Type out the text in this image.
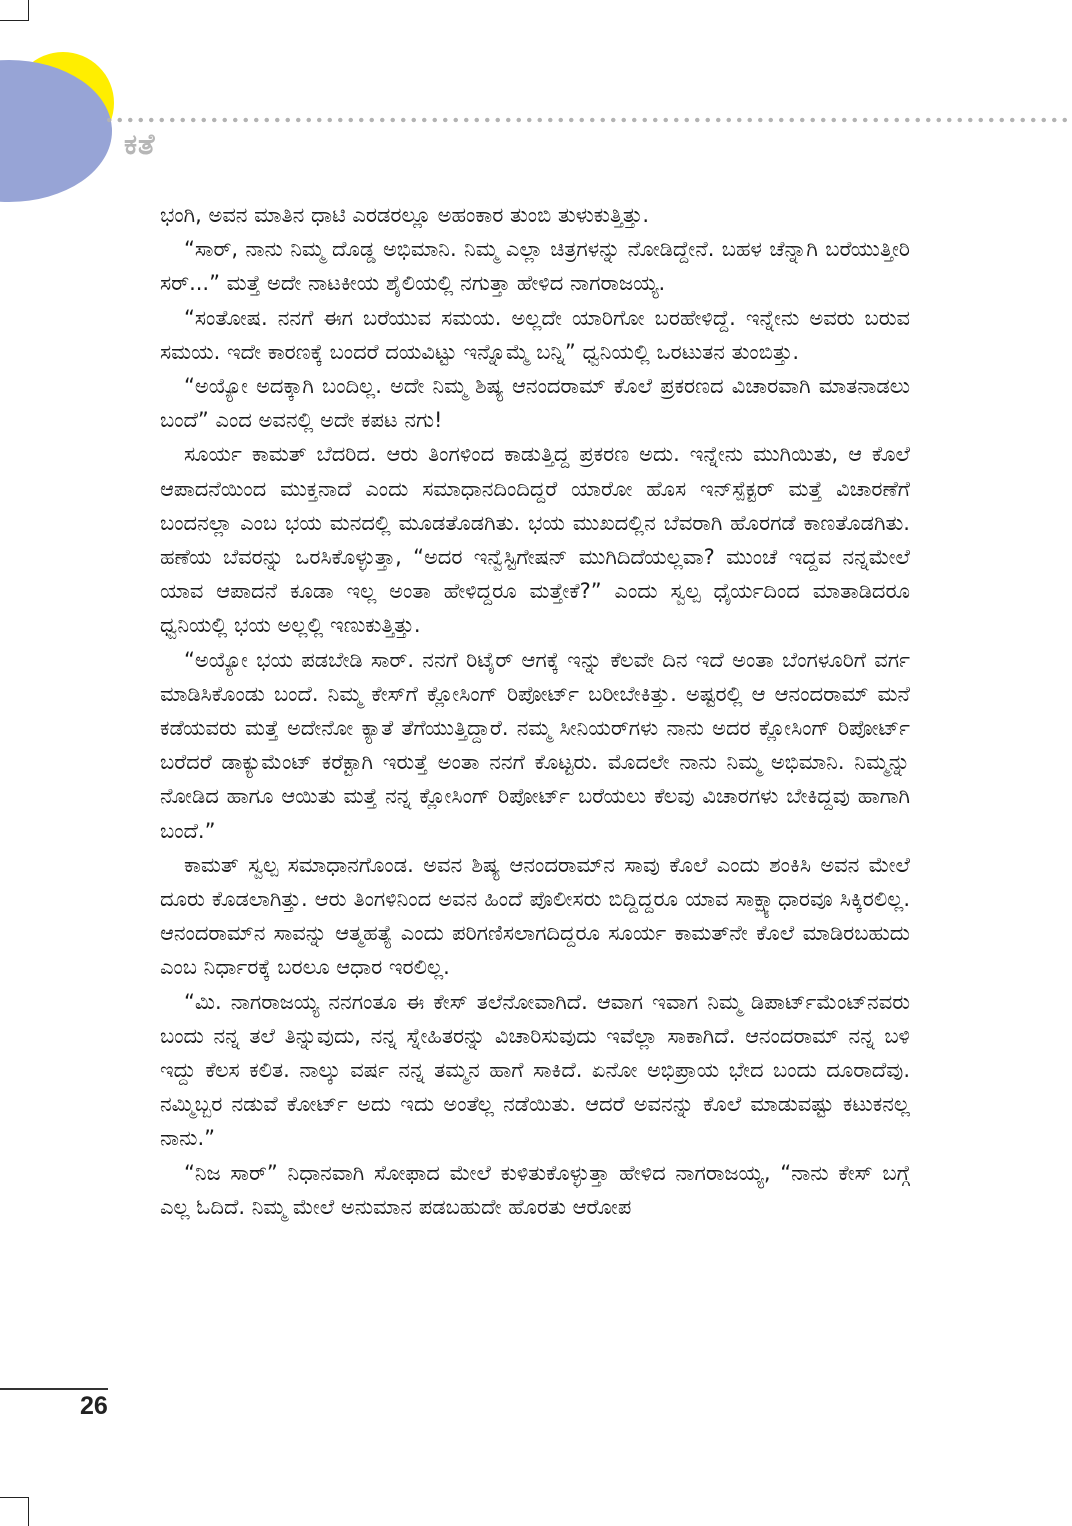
ಕತೆ

ಭಂಗಿ, ಅವನ ಮಾತಿನ ಧಾಟಿ ಎರಡರಲ್ಲೂ ಅಹಂಕಾರ ತುಂಬಿ ತುಳುಕುತ್ತಿತ್ತು.

“ಸಾರ್, ನಾನು ನಿಮ್ಮ ದೊಡ್ಡ ಅಭಿಮಾನಿ. ನಿಮ್ಮ ಎಲ್ಲಾ ಚಿತ್ರಗಳನ್ನು ನೋಡಿದ್ದೇನೆ. ಬಹಳ ಚೆನ್ನಾಗಿ ಬರೆಯುತ್ತೀರಿ ಸರ್...” ಮತ್ತೆ ಅದೇ ನಾಟಕೀಯ ಶೈಲಿಯಲ್ಲಿ ನಗುತ್ತಾ ಹೇಳಿದ ನಾಗರಾಜಯ್ಯ.

“ಸಂತೋಷ. ನನಗೆ ಈಗ ಬರೆಯುವ ಸಮಯ. ಅಲ್ಲದೇ ಯಾರಿಗೋ ಬರಹೇಳಿದ್ದೆ. ಇನ್ನೇನು ಅವರು ಬರುವ ಸಮಯ. ಇದೇ ಕಾರಣಕ್ಕೆ ಬಂದರೆ ದಯವಿಟ್ಟು ಇನ್ನೊಮ್ಮೆ ಬನ್ನಿ” ಧ್ವನಿಯಲ್ಲಿ ಒರಟುತನ ತುಂಬಿತ್ತು.

“ಅಯ್ಯೋ ಅದಕ್ಕಾಗಿ ಬಂದಿಲ್ಲ. ಅದೇ ನಿಮ್ಮ ಶಿಷ್ಯ ಆನಂದರಾಮ್ ಕೊಲೆ ಪ್ರಕರಣದ ವಿಚಾರವಾಗಿ ಮಾತನಾಡಲು ಬಂದೆ” ಎಂದ ಅವನಲ್ಲಿ ಅದೇ ಕಪಟ ನಗು!

ಸೂರ್ಯ ಕಾಮತ್ ಬೆದರಿದ. ಆರು ತಿಂಗಳಿಂದ ಕಾಡುತ್ತಿದ್ದ ಪ್ರಕರಣ ಅದು. ಇನ್ನೇನು ಮುಗಿಯಿತು, ಆ ಕೊಲೆ ಆಪಾದನೆಯಿಂದ ಮುಕ್ತನಾದೆ ಎಂದು ಸಮಾಧಾನದಿಂದಿದ್ದರೆ ಯಾರೋ ಹೊಸ ಇನ್‌ಸ್ಪೆಕ್ಟರ್ ಮತ್ತೆ ವಿಚಾರಣೆಗೆ ಬಂದನಲ್ಲಾ ಎಂಬ ಭಯ ಮನದಲ್ಲಿ ಮೂಡತೊಡಗಿತು. ಭಯ ಮುಖದಲ್ಲಿನ ಬೆವರಾಗಿ ಹೊರಗಡೆ ಕಾಣತೊಡಗಿತು. ಹಣೆಯ ಬೆವರನ್ನು ಒರಸಿಕೊಳ್ಳುತ್ತಾ, “ಅದರ ಇನ್ವೆಸ್ಟಿಗೇಷನ್ ಮುಗಿದಿದೆಯಲ್ಲವಾ? ಮುಂಚೆ ಇದ್ದವ ನನ್ನಮೇಲೆ ಯಾವ ಆಪಾದನೆ ಕೂಡಾ ಇಲ್ಲ ಅಂತಾ ಹೇಳಿದ್ದರೂ ಮತ್ತೇಕೆ?” ಎಂದು ಸ್ವಲ್ಪ ಧೈರ್ಯದಿಂದ ಮಾತಾಡಿದರೂ ಧ್ವನಿಯಲ್ಲಿ ಭಯ ಅಲ್ಲಲ್ಲಿ ಇಣುಕುತ್ತಿತ್ತು.

“ಅಯ್ಯೋ ಭಯ ಪಡಬೇಡಿ ಸಾರ್. ನನಗೆ ರಿಟೈರ್ ಆಗಕ್ಕೆ ಇನ್ನು ಕೆಲವೇ ದಿನ ಇದೆ ಅಂತಾ ಬೆಂಗಳೂರಿಗೆ ವರ್ಗ ಮಾಡಿಸಿಕೊಂಡು ಬಂದೆ. ನಿಮ್ಮ ಕೇಸ್‌ಗೆ ಕ್ಲೋಸಿಂಗ್ ರಿಪೋರ್ಟ್ ಬರೀಬೇಕಿತ್ತು. ಅಷ್ಟರಲ್ಲಿ ಆ ಆನಂದರಾಮ್ ಮನೆ ಕಡೆಯವರು ಮತ್ತೆ ಅದೇನೋ ಕ್ಯಾತೆ ತೆಗೆಯುತ್ತಿದ್ದಾರೆ. ನಮ್ಮ ಸೀನಿಯರ್‌ಗಳು ನಾನು ಅದರ ಕ್ಲೋಸಿಂಗ್ ರಿಪೋರ್ಟ್ ಬರೆದರೆ ಡಾಕ್ಯುಮೆಂಟ್ ಕರೆಕ್ಟಾಗಿ ಇರುತ್ತೆ ಅಂತಾ ನನಗೆ ಕೊಟ್ಟರು. ಮೊದಲೇ ನಾನು ನಿಮ್ಮ ಅಭಿಮಾನಿ. ನಿಮ್ಮನ್ನು ನೋಡಿದ ಹಾಗೂ ಆಯಿತು ಮತ್ತೆ ನನ್ನ ಕ್ಲೋಸಿಂಗ್ ರಿಪೋರ್ಟ್ ಬರೆಯಲು ಕೆಲವು ವಿಚಾರಗಳು ಬೇಕಿದ್ದವು ಹಾಗಾಗಿ ಬಂದೆ.”

ಕಾಮತ್ ಸ್ವಲ್ಪ ಸಮಾಧಾನಗೊಂಡ. ಅವನ ಶಿಷ್ಯ ಆನಂದರಾಮ್‌ನ ಸಾವು ಕೊಲೆ ಎಂದು ಶಂಕಿಸಿ ಅವನ ಮೇಲೆ ದೂರು ಕೊಡಲಾಗಿತ್ತು. ಆರು ತಿಂಗಳಿನಿಂದ ಅವನ ಹಿಂದೆ ಪೊಲೀಸರು ಬಿದ್ದಿದ್ದರೂ ಯಾವ ಸಾಕ್ಷ್ಯಾಧಾರವೂ ಸಿಕ್ಕಿರಲಿಲ್ಲ. ಆನಂದರಾಮ್‌ನ ಸಾವನ್ನು ಆತ್ಮಹತ್ಯೆ ಎಂದು ಪರಿಗಣಿಸಲಾಗದಿದ್ದರೂ ಸೂರ್ಯ ಕಾಮತ್‌ನೇ ಕೊಲೆ ಮಾಡಿರಬಹುದು ಎಂಬ ನಿರ್ಧಾರಕ್ಕೆ ಬರಲೂ ಆಧಾರ ಇರಲಿಲ್ಲ.

“ಮಿ. ನಾಗರಾಜಯ್ಯ ನನಗಂತೂ ಈ ಕೇಸ್ ತಲೆನೋವಾಗಿದೆ. ಆವಾಗ ಇವಾಗ ನಿಮ್ಮ ಡಿಪಾರ್ಟ್‌ಮೆಂಟ್‌ನವರು ಬಂದು ನನ್ನ ತಲೆ ತಿನ್ನುವುದು, ನನ್ನ ಸ್ನೇಹಿತರನ್ನು ವಿಚಾರಿಸುವುದು ಇವೆಲ್ಲಾ ಸಾಕಾಗಿದೆ. ಆನಂದರಾಮ್ ನನ್ನ ಬಳಿ ಇದ್ದು ಕೆಲಸ ಕಲಿತ. ನಾಲ್ಕು ವರ್ಷ ನನ್ನ ತಮ್ಮನ ಹಾಗೆ ಸಾಕಿದೆ. ಏನೋ ಅಭಿಪ್ರಾಯ ಭೇದ ಬಂದು ದೂರಾದೆವು. ನಮ್ಮಿಬ್ಬರ ನಡುವೆ ಕೋರ್ಟ್ ಅದು ಇದು ಅಂತೆಲ್ಲ ನಡೆಯಿತು. ಆದರೆ ಅವನನ್ನು ಕೊಲೆ ಮಾಡುವಷ್ಟು ಕಟುಕನಲ್ಲ ನಾನು.”

“ನಿಜ ಸಾರ್” ನಿಧಾನವಾಗಿ ಸೋಫಾದ ಮೇಲೆ ಕುಳಿತುಕೊಳ್ಳುತ್ತಾ ಹೇಳಿದ ನಾಗರಾಜಯ್ಯ, “ನಾನು ಕೇಸ್ ಬಗ್ಗೆ ಎಲ್ಲ ಓದಿದೆ. ನಿಮ್ಮ ಮೇಲೆ ಅನುಮಾನ ಪಡಬಹುದೇ ಹೊರತು ಆರೋಪ

26
